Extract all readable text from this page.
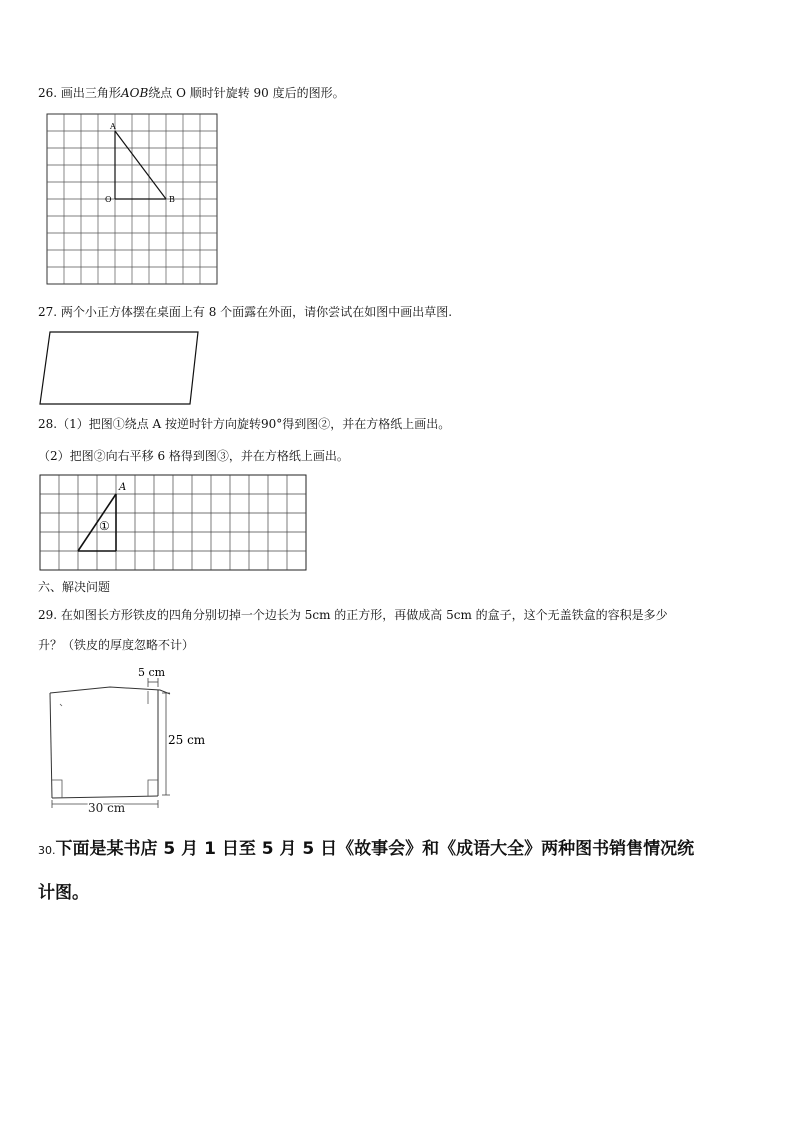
26. 画出三角形AOB绕点 O 顺时针旋转 90 度后的图形。
A
O	B
27. 两个小正方体摆在桌面上有 8 个面露在外面，请你尝试在如图中画出草图.
28.（1）把图①绕点 A 按逆时针方向旋转90°得到图②，并在方格纸上画出。
（2）把图②向右平移 6 格得到图③，并在方格纸上画出。
A
①
六、解决问题
29. 在如图长方形铁皮的四角分别切掉一个边长为 5cm 的正方形，再做成高 5cm 的盒子，这个无盖铁盒的容积是多少
升？（铁皮的厚度忽略不计）
5 cm
25 cm
30 cm
30.下面是某书店 5 月 1 日至 5 月 5 日《故事会》和《成语大全》两种图书销售情况统
计图。
